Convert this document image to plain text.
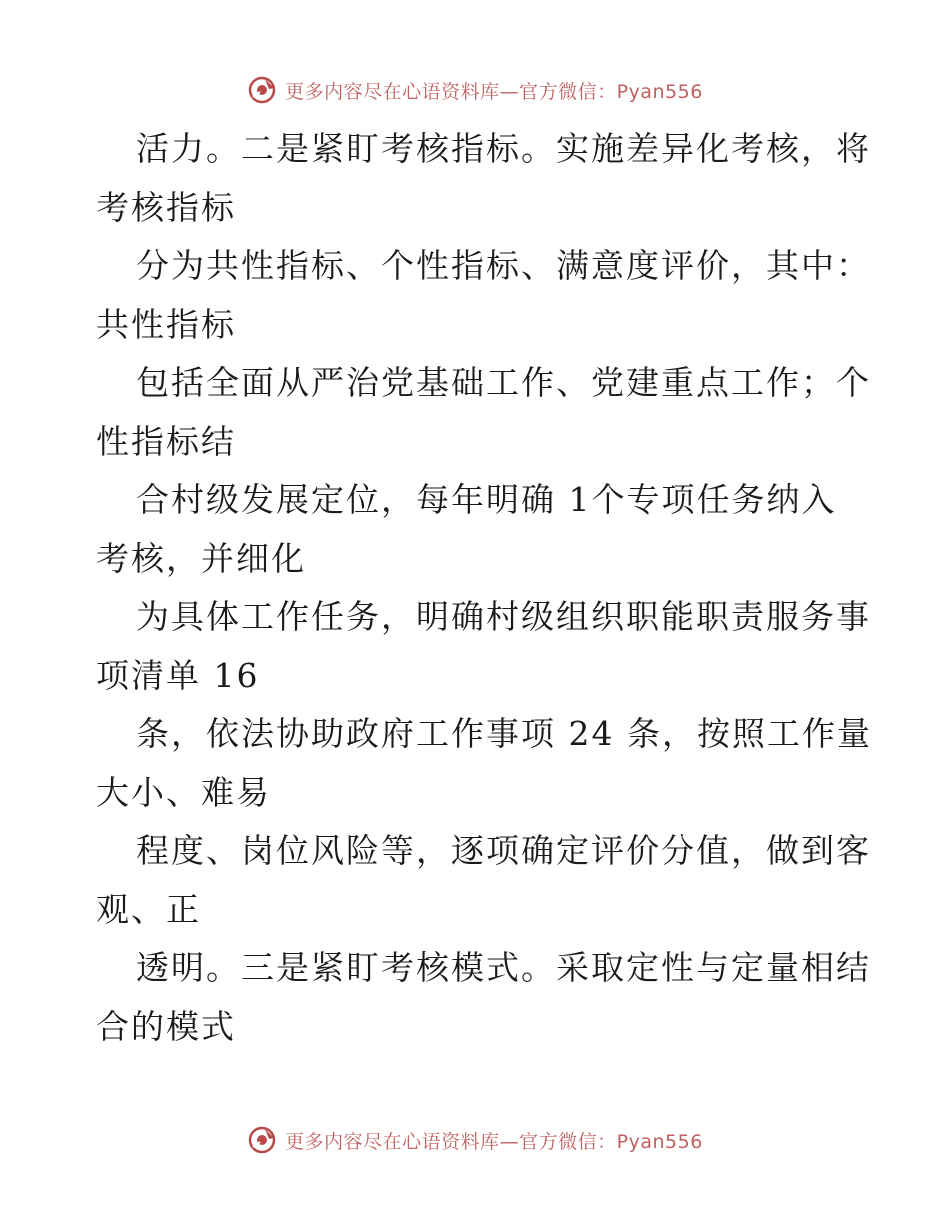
更多内容尽在心语资料库—官方微信：Pyan556

活力。二是紧盯考核指标。实施差异化考核，将
考核指标

分为共性指标、个性指标、满意度评价，其中：
共性指标

包括全面从严治党基础工作、党建重点工作；个
性指标结

合村级发展定位，每年明确 1个专项任务纳入
考核，并细化

为具体工作任务，明确村级组织职能职责服务事
项清单 16

条，依法协助政府工作事项 24 条，按照工作量
大小、难易

程度、岗位风险等，逐项确定评价分值，做到客
观、正

透明。三是紧盯考核模式。采取定性与定量相结
合的模式

更多内容尽在心语资料库—官方微信：Pyan556
